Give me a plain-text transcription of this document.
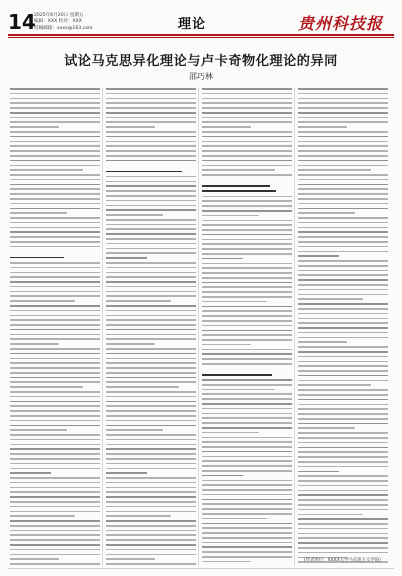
14
2025年6月20日 星期五
编辑：XXX 校对：XXX
投稿邮箱：xxxx@163.com	理论	贵州科技报
试论马克思异化理论与卢卡奇物化理论的异同
邵巧林
(作者单位：XXXX大学马克思主义学院)
